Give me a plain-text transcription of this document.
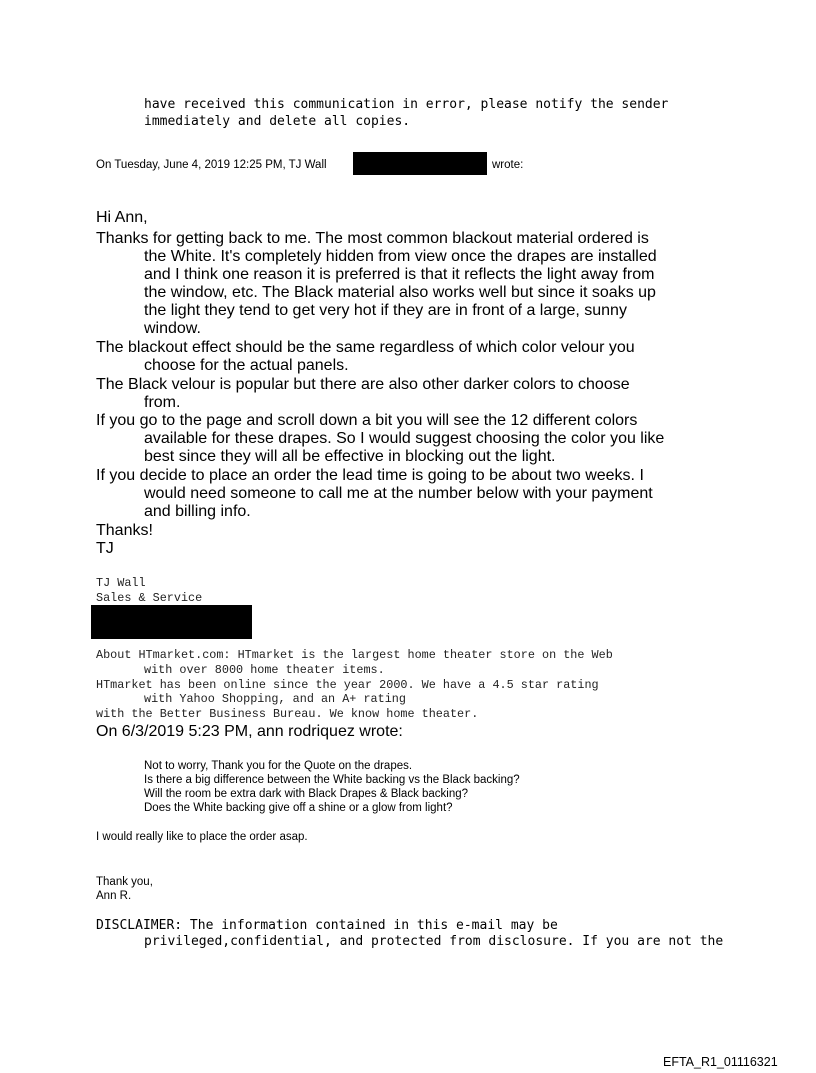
have received this communication in error, please notify the sender
immediately and delete all copies.
On Tuesday, June 4, 2019 12:25 PM, TJ Wall	wrote:
Hi Ann,
Thanks for getting back to me. The most common blackout material ordered is
the White. It's completely hidden from view once the drapes are installed
and I think one reason it is preferred is that it reflects the light away from
the window, etc. The Black material also works well but since it soaks up
the light they tend to get very hot if they are in front of a large, sunny
window.
The blackout effect should be the same regardless of which color velour you
choose for the actual panels.
The Black velour is popular but there are also other darker colors to choose
from.
If you go to the page and scroll down a bit you will see the 12 different colors
available for these drapes. So I would suggest choosing the color you like
best since they will all be effective in blocking out the light.
If you decide to place an order the lead time is going to be about two weeks. I
would need someone to call me at the number below with your payment
and billing info.
Thanks!
TJ
TJ Wall
Sales & Service
About HTmarket.com: HTmarket is the largest home theater store on the Web
with over 8000 home theater items.
HTmarket has been online since the year 2000. We have a 4.5 star rating
with Yahoo Shopping, and an A+ rating
with the Better Business Bureau. We know home theater.
On 6/3/2019 5:23 PM, ann rodriquez wrote:
Not to worry, Thank you for the Quote on the drapes.
Is there a big difference between the White backing vs the Black backing?
Will the room be extra dark with Black Drapes & Black backing?
Does the White backing give off a shine or a glow from light?
I would really like to place the order asap.
Thank you,
Ann R.
DISCLAIMER: The information contained in this e-mail may be
privileged,confidential, and protected from disclosure. If you are not the
EFTA_R1_01116321
